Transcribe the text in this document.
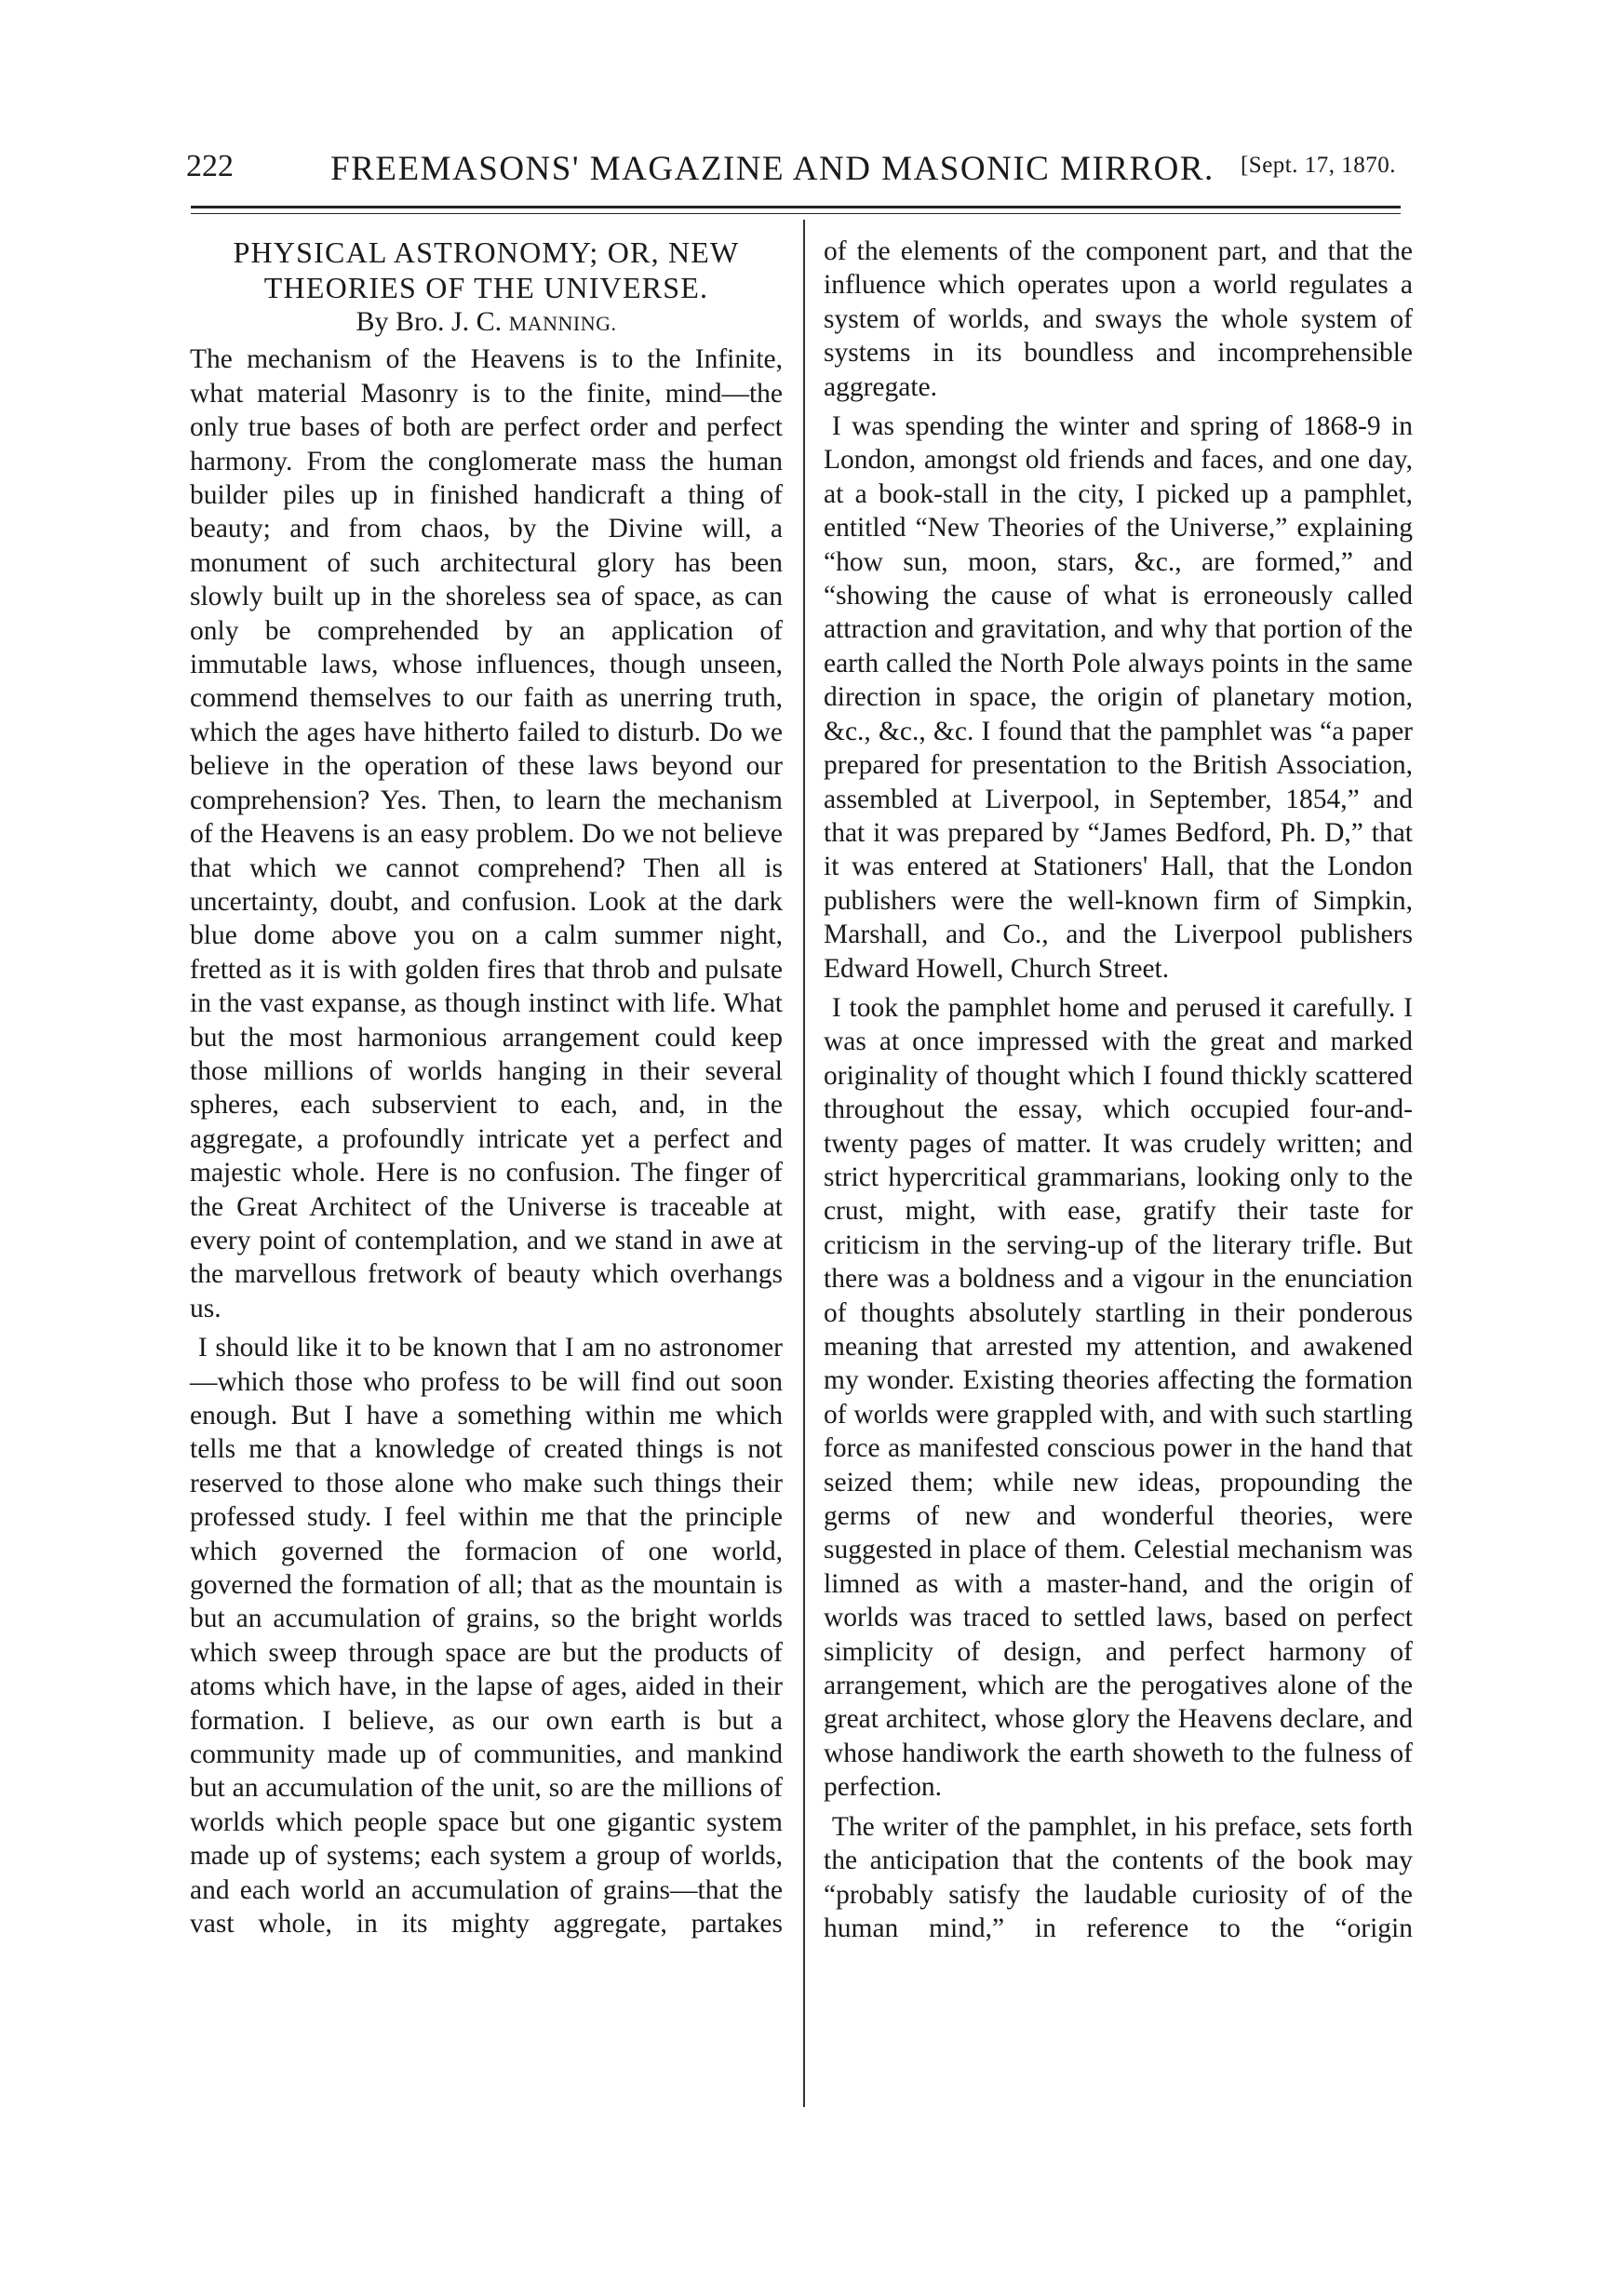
222	FREEMASONS' MAGAZINE AND MASONIC MIRROR.	[Sept. 17, 1870.
PHYSICAL ASTRONOMY; OR, NEW
THEORIES OF THE UNIVERSE.
By Bro. J. C. MANNING.

The mechanism of the Heavens is to the Infinite, what material Masonry is to the finite, mind—the only true bases of both are perfect order and perfect harmony. From the conglomerate mass the human builder piles up in finished handicraft a thing of beauty; and from chaos, by the Divine will, a monument of such architectural glory has been slowly built up in the shoreless sea of space, as can only be comprehended by an application of immutable laws, whose influences, though unseen, commend themselves to our faith as unerring truth, which the ages have hitherto failed to disturb. Do we believe in the operation of these laws beyond our comprehension? Yes. Then, to learn the mechanism of the Heavens is an easy problem. Do we not believe that which we cannot comprehend? Then all is uncertainty, doubt, and confusion. Look at the dark blue dome above you on a calm summer night, fretted as it is with golden fires that throb and pulsate in the vast expanse, as though instinct with life. What but the most harmonious arrangement could keep those millions of worlds hanging in their several spheres, each subservient to each, and, in the aggregate, a profoundly intricate yet a perfect and majestic whole. Here is no confusion. The finger of the Great Architect of the Universe is traceable at every point of contemplation, and we stand in awe at the marvellous fretwork of beauty which overhangs us.

I should like it to be known that I am no astronomer—which those who profess to be will find out soon enough. But I have a something within me which tells me that a knowledge of created things is not reserved to those alone who make such things their professed study. I feel within me that the principle which governed the formacion of one world, governed the formation of all; that as the mountain is but an accumulation of grains, so the bright worlds which sweep through space are but the products of atoms which have, in the lapse of ages, aided in their formation. I believe, as our own earth is but a community made up of communities, and mankind but an accumulation of the unit, so are the millions of worlds which people space but one gigantic system made up of systems; each system a group of worlds, and each world an accumulation of grains—that the vast whole, in its mighty aggregate, partakes

of the elements of the component part, and that the influence which operates upon a world regulates a system of worlds, and sways the whole system of systems in its boundless and incomprehensible aggregate.

I was spending the winter and spring of 1868-9 in London, amongst old friends and faces, and one day, at a book-stall in the city, I picked up a pamphlet, entitled “New Theories of the Universe,” explaining “how sun, moon, stars, &c., are formed,” and “showing the cause of what is erroneously called attraction and gravitation, and why that portion of the earth called the North Pole always points in the same direction in space, the origin of planetary motion, &c., &c., &c. I found that the pamphlet was “a paper prepared for presentation to the British Association, assembled at Liverpool, in September, 1854,” and that it was prepared by “James Bedford, Ph. D,” that it was entered at Stationers' Hall, that the London publishers were the well-known firm of Simpkin, Marshall, and Co., and the Liverpool publishers Edward Howell, Church Street.

I took the pamphlet home and perused it carefully. I was at once impressed with the great and marked originality of thought which I found thickly scattered throughout the essay, which occupied four-and-twenty pages of matter. It was crudely written; and strict hypercritical grammarians, looking only to the crust, might, with ease, gratify their taste for criticism in the serving-up of the literary trifle. But there was a boldness and a vigour in the enunciation of thoughts absolutely startling in their ponderous meaning that arrested my attention, and awakened my wonder. Existing theories affecting the formation of worlds were grappled with, and with such startling force as manifested conscious power in the hand that seized them; while new ideas, propounding the germs of new and wonderful theories, were suggested in place of them. Celestial mechanism was limned as with a master-hand, and the origin of worlds was traced to settled laws, based on perfect simplicity of design, and perfect harmony of arrangement, which are the perogatives alone of the great architect, whose glory the Heavens declare, and whose handiwork the earth showeth to the fulness of perfection.

The writer of the pamphlet, in his preface, sets forth the anticipation that the contents of the book may “probably satisfy the laudable curiosity of of the human mind,” in reference to the “origin
